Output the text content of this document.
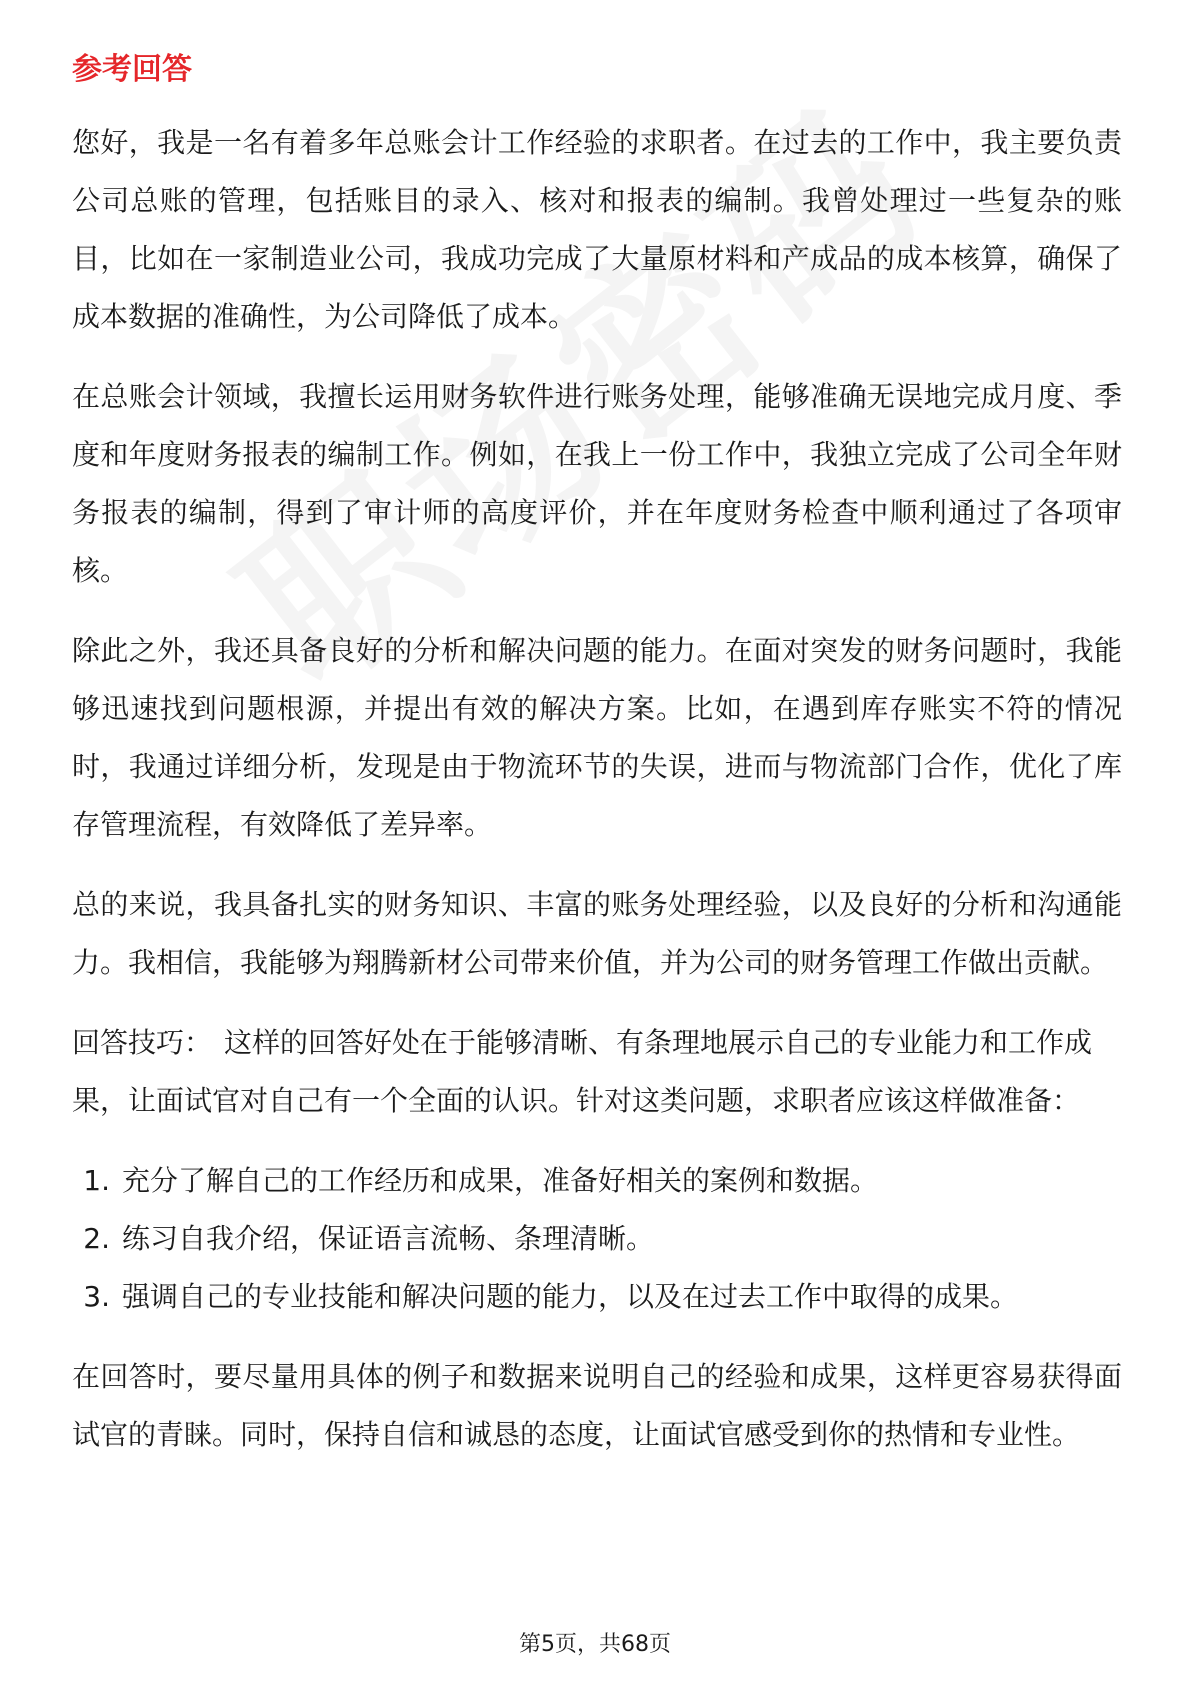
参考回答

您好，我是一名有着多年总账会计工作经验的求职者。在过去的工作中，我主要负责公司总账的管理，包括账目的录入、核对和报表的编制。我曾处理过一些复杂的账目，比如在一家制造业公司，我成功完成了大量原材料和产成品的成本核算，确保了成本数据的准确性，为公司降低了成本。

在总账会计领域，我擅长运用财务软件进行账务处理，能够准确无误地完成月度、季度和年度财务报表的编制工作。例如，在我上一份工作中，我独立完成了公司全年财务报表的编制，得到了审计师的高度评价，并在年度财务检查中顺利通过了各项审核。

除此之外，我还具备良好的分析和解决问题的能力。在面对突发的财务问题时，我能够迅速找到问题根源，并提出有效的解决方案。比如，在遇到库存账实不符的情况时，我通过详细分析，发现是由于物流环节的失误，进而与物流部门合作，优化了库存管理流程，有效降低了差异率。

总的来说，我具备扎实的财务知识、丰富的账务处理经验，以及良好的分析和沟通能力。我相信，我能够为翔腾新材公司带来价值，并为公司的财务管理工作做出贡献。

回答技巧： 这样的回答好处在于能够清晰、有条理地展示自己的专业能力和工作成果，让面试官对自己有一个全面的认识。针对这类问题，求职者应该这样做准备：

1. 充分了解自己的工作经历和成果，准备好相关的案例和数据。
2. 练习自我介绍，保证语言流畅、条理清晰。
3. 强调自己的专业技能和解决问题的能力，以及在过去工作中取得的成果。

在回答时，要尽量用具体的例子和数据来说明自己的经验和成果，这样更容易获得面试官的青睐。同时，保持自信和诚恳的态度，让面试官感受到你的热情和专业性。

第5页，共68页
